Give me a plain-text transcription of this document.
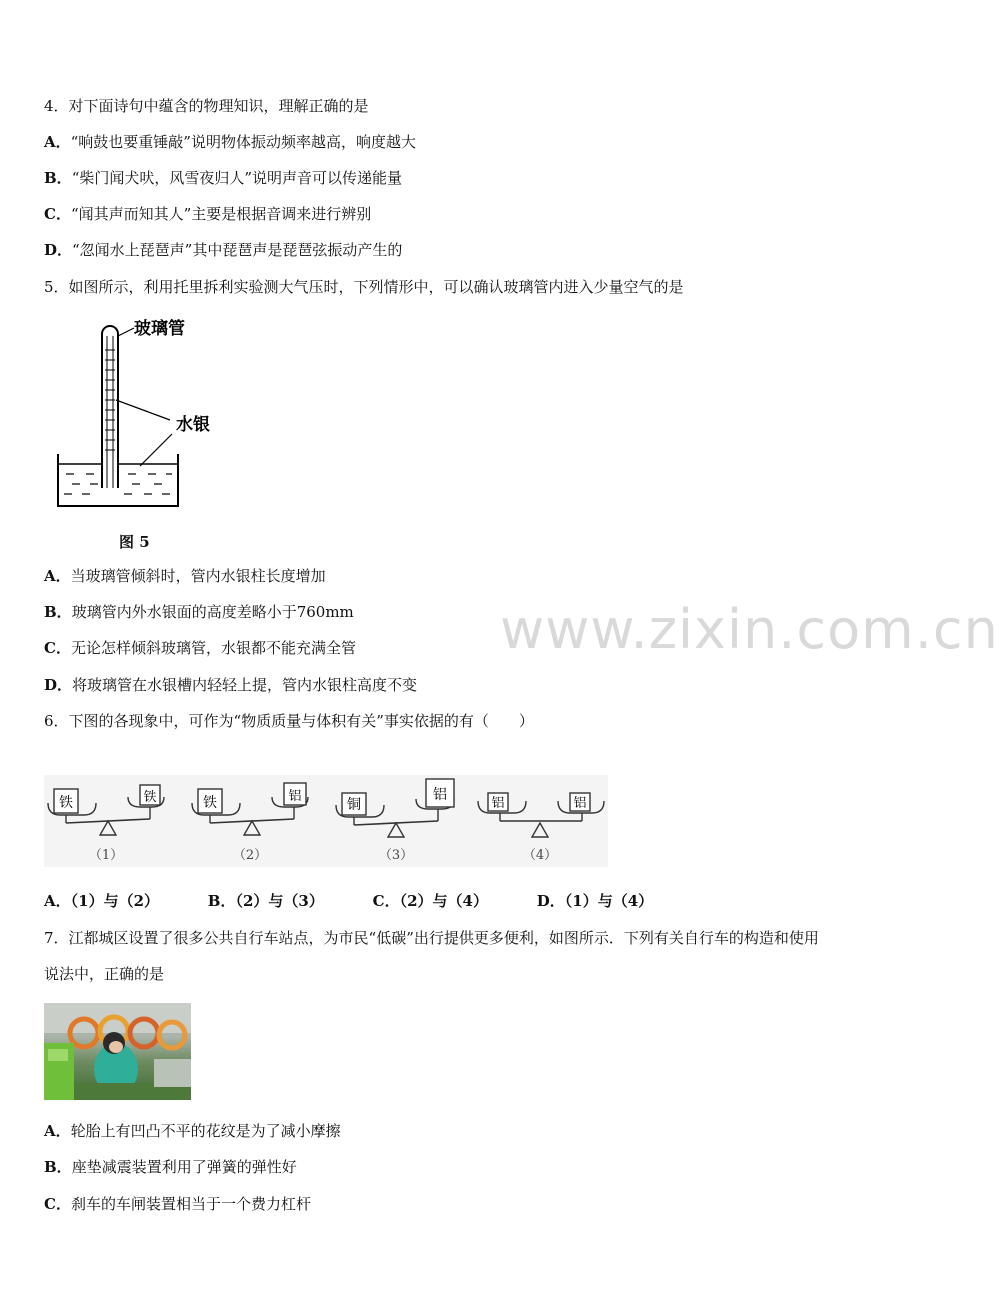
www.zixin.com.cn
4．对下面诗句中蕴含的物理知识，理解正确的是
A．“响鼓也要重锤敲”说明物体振动频率越高，响度越大
B．“柴门闻犬吠，风雪夜归人”说明声音可以传递能量
C．“闻其声而知其人”主要是根据音调来进行辨别
D．“忽闻水上琵琶声”其中琵琶声是琵琶弦振动产生的
5．如图所示，利用托里拆利实验测大气压时，下列情形中，可以确认玻璃管内进入少量空气的是
玻璃管
水银
图 5
A．当玻璃管倾斜时，管内水银柱长度增加
B．玻璃管内外水银面的高度差略小于760mm
C．无论怎样倾斜玻璃管，水银都不能充满全管
D．将玻璃管在水银槽内轻轻上提，管内水银柱高度不变
6．下图的各现象中，可作为“物质质量与体积有关”事实依据的有（　　）
铁	铁
（1）
铁	铝
（2）
铜
铝
（3）
铝	铝
（4）
A．（1）与（2）	B．（2）与（3）	C．（2）与（4）	D．（1）与（4）
7．江都城区设置了很多公共自行车站点，为市民“低碳”出行提供更多便利，如图所示．下列有关自行车的构造和使用
说法中，正确的是
A．轮胎上有凹凸不平的花纹是为了减小摩擦
B．座垫减震装置利用了弹簧的弹性好
C．刹车的车闸装置相当于一个费力杠杆
